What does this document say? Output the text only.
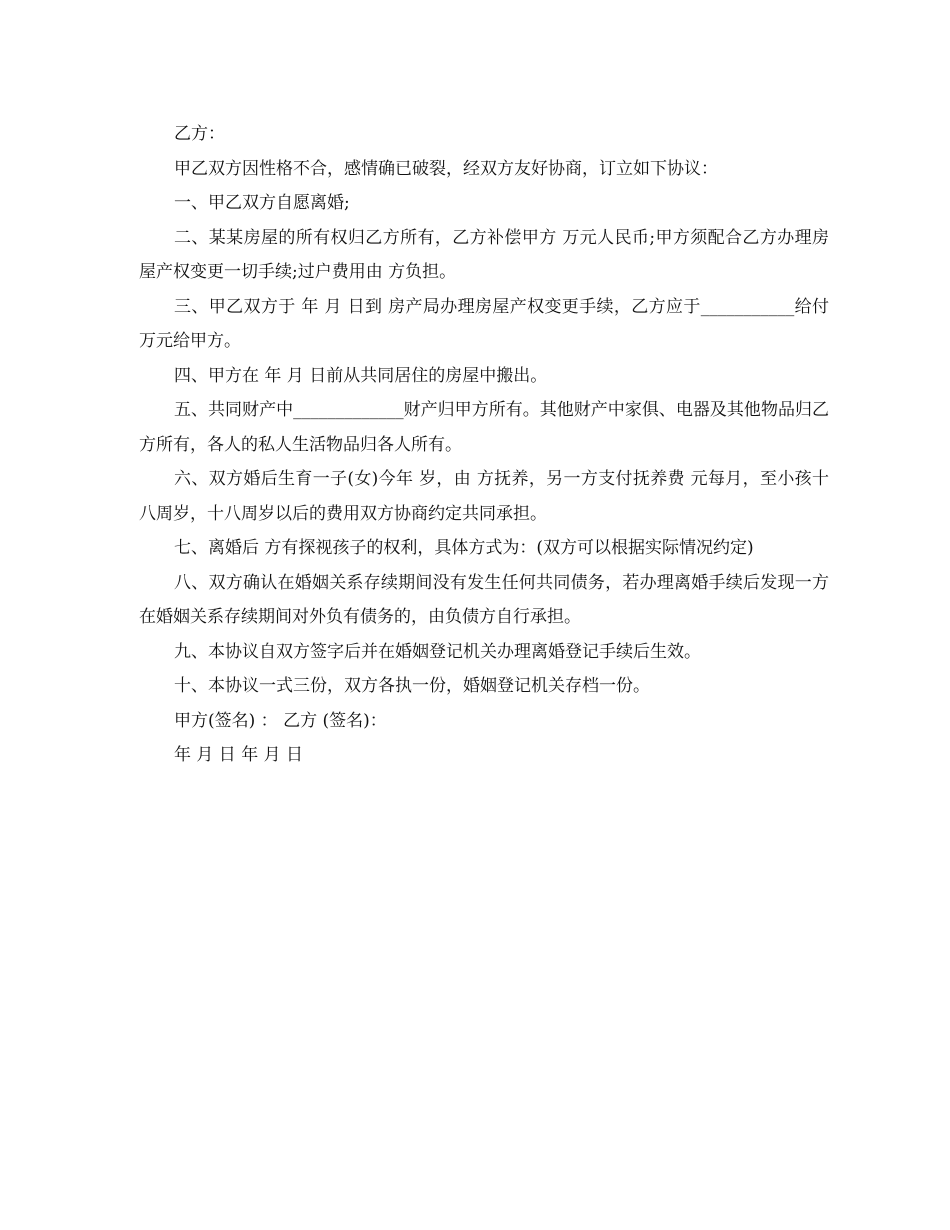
乙方：

甲乙双方因性格不合，感情确已破裂，经双方友好协商，订立如下协议：

一、甲乙双方自愿离婚;

二、某某房屋的所有权归乙方所有，乙方补偿甲方 万元人民币;甲方须配合乙方办理房屋产权变更一切手续;过户费用由 方负担。

三、甲乙双方于 年 月 日到 房产局办理房屋产权变更手续，乙方应于___________给付 万元给甲方。

四、甲方在 年 月 日前从共同居住的房屋中搬出。

五、共同财产中_____________财产归甲方所有。其他财产中家俱、电器及其他物品归乙方所有，各人的私人生活物品归各人所有。

六、双方婚后生育一子(女)今年 岁，由 方抚养，另一方支付抚养费 元每月，至小孩十八周岁，十八周岁以后的费用双方协商约定共同承担。

七、离婚后 方有探视孩子的权利，具体方式为：(双方可以根据实际情况约定)

八、双方确认在婚姻关系存续期间没有发生任何共同债务，若办理离婚手续后发现一方在婚姻关系存续期间对外负有债务的，由负债方自行承担。

九、本协议自双方签字后并在婚姻登记机关办理离婚登记手续后生效。

十、本协议一式三份，双方各执一份，婚姻登记机关存档一份。

甲方(签名) ： 乙方 (签名)：

年 月 日 年 月 日
